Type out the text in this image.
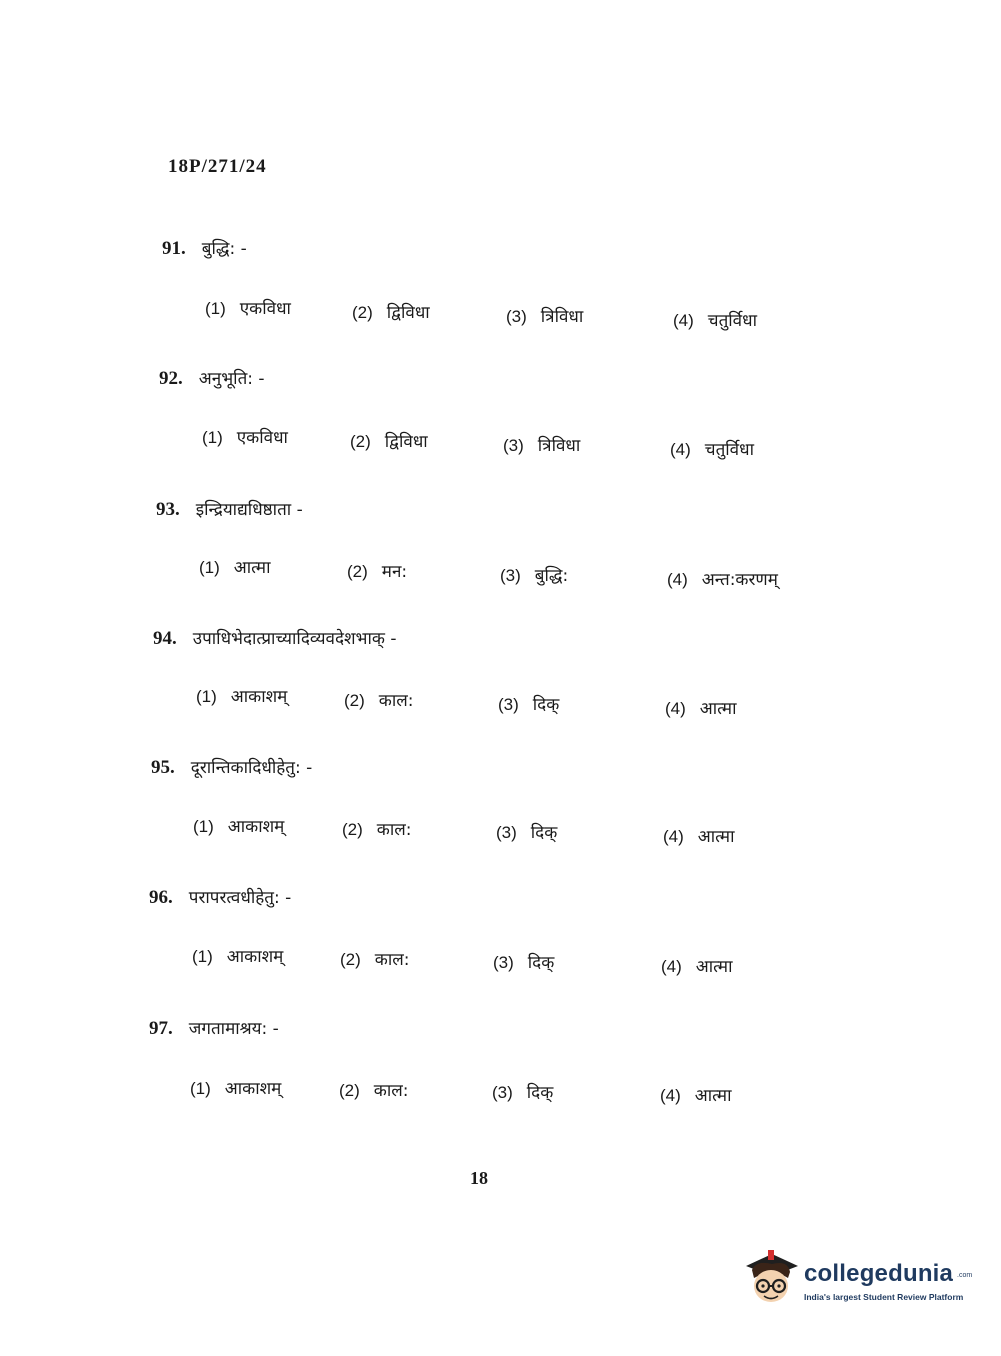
18P/271/24
91. बुद्धि: -
(1) एकविधा	(2) द्विविधा	(3) त्रिविधा	(4) चतुर्विधा
92. अनुभूति: -
(1) एकविधा	(2) द्विविधा	(3) त्रिविधा	(4) चतुर्विधा
93. इन्द्रियाद्यधिष्ठाता -
(1) आत्मा	(2) मन:	(3) बुद्धि:	(4) अन्त:करणम्
94. उपाधिभेदात्प्राच्यादिव्यवदेशभाक् -
(1) आकाशम्	(2) काल:	(3) दिक्	(4) आत्मा
95. दूरान्तिकादिधीहेतु: -
(1) आकाशम्	(2) काल:	(3) दिक्	(4) आत्मा
96. परापरत्वधीहेतु: -
(1) आकाशम्	(2) काल:	(3) दिक्	(4) आत्मा
97. जगतामाश्रय: -
(1) आकाशम्	(2) काल:	(3) दिक्	(4) आत्मा
18
collegedunia .com
India's largest Student Review Platform
